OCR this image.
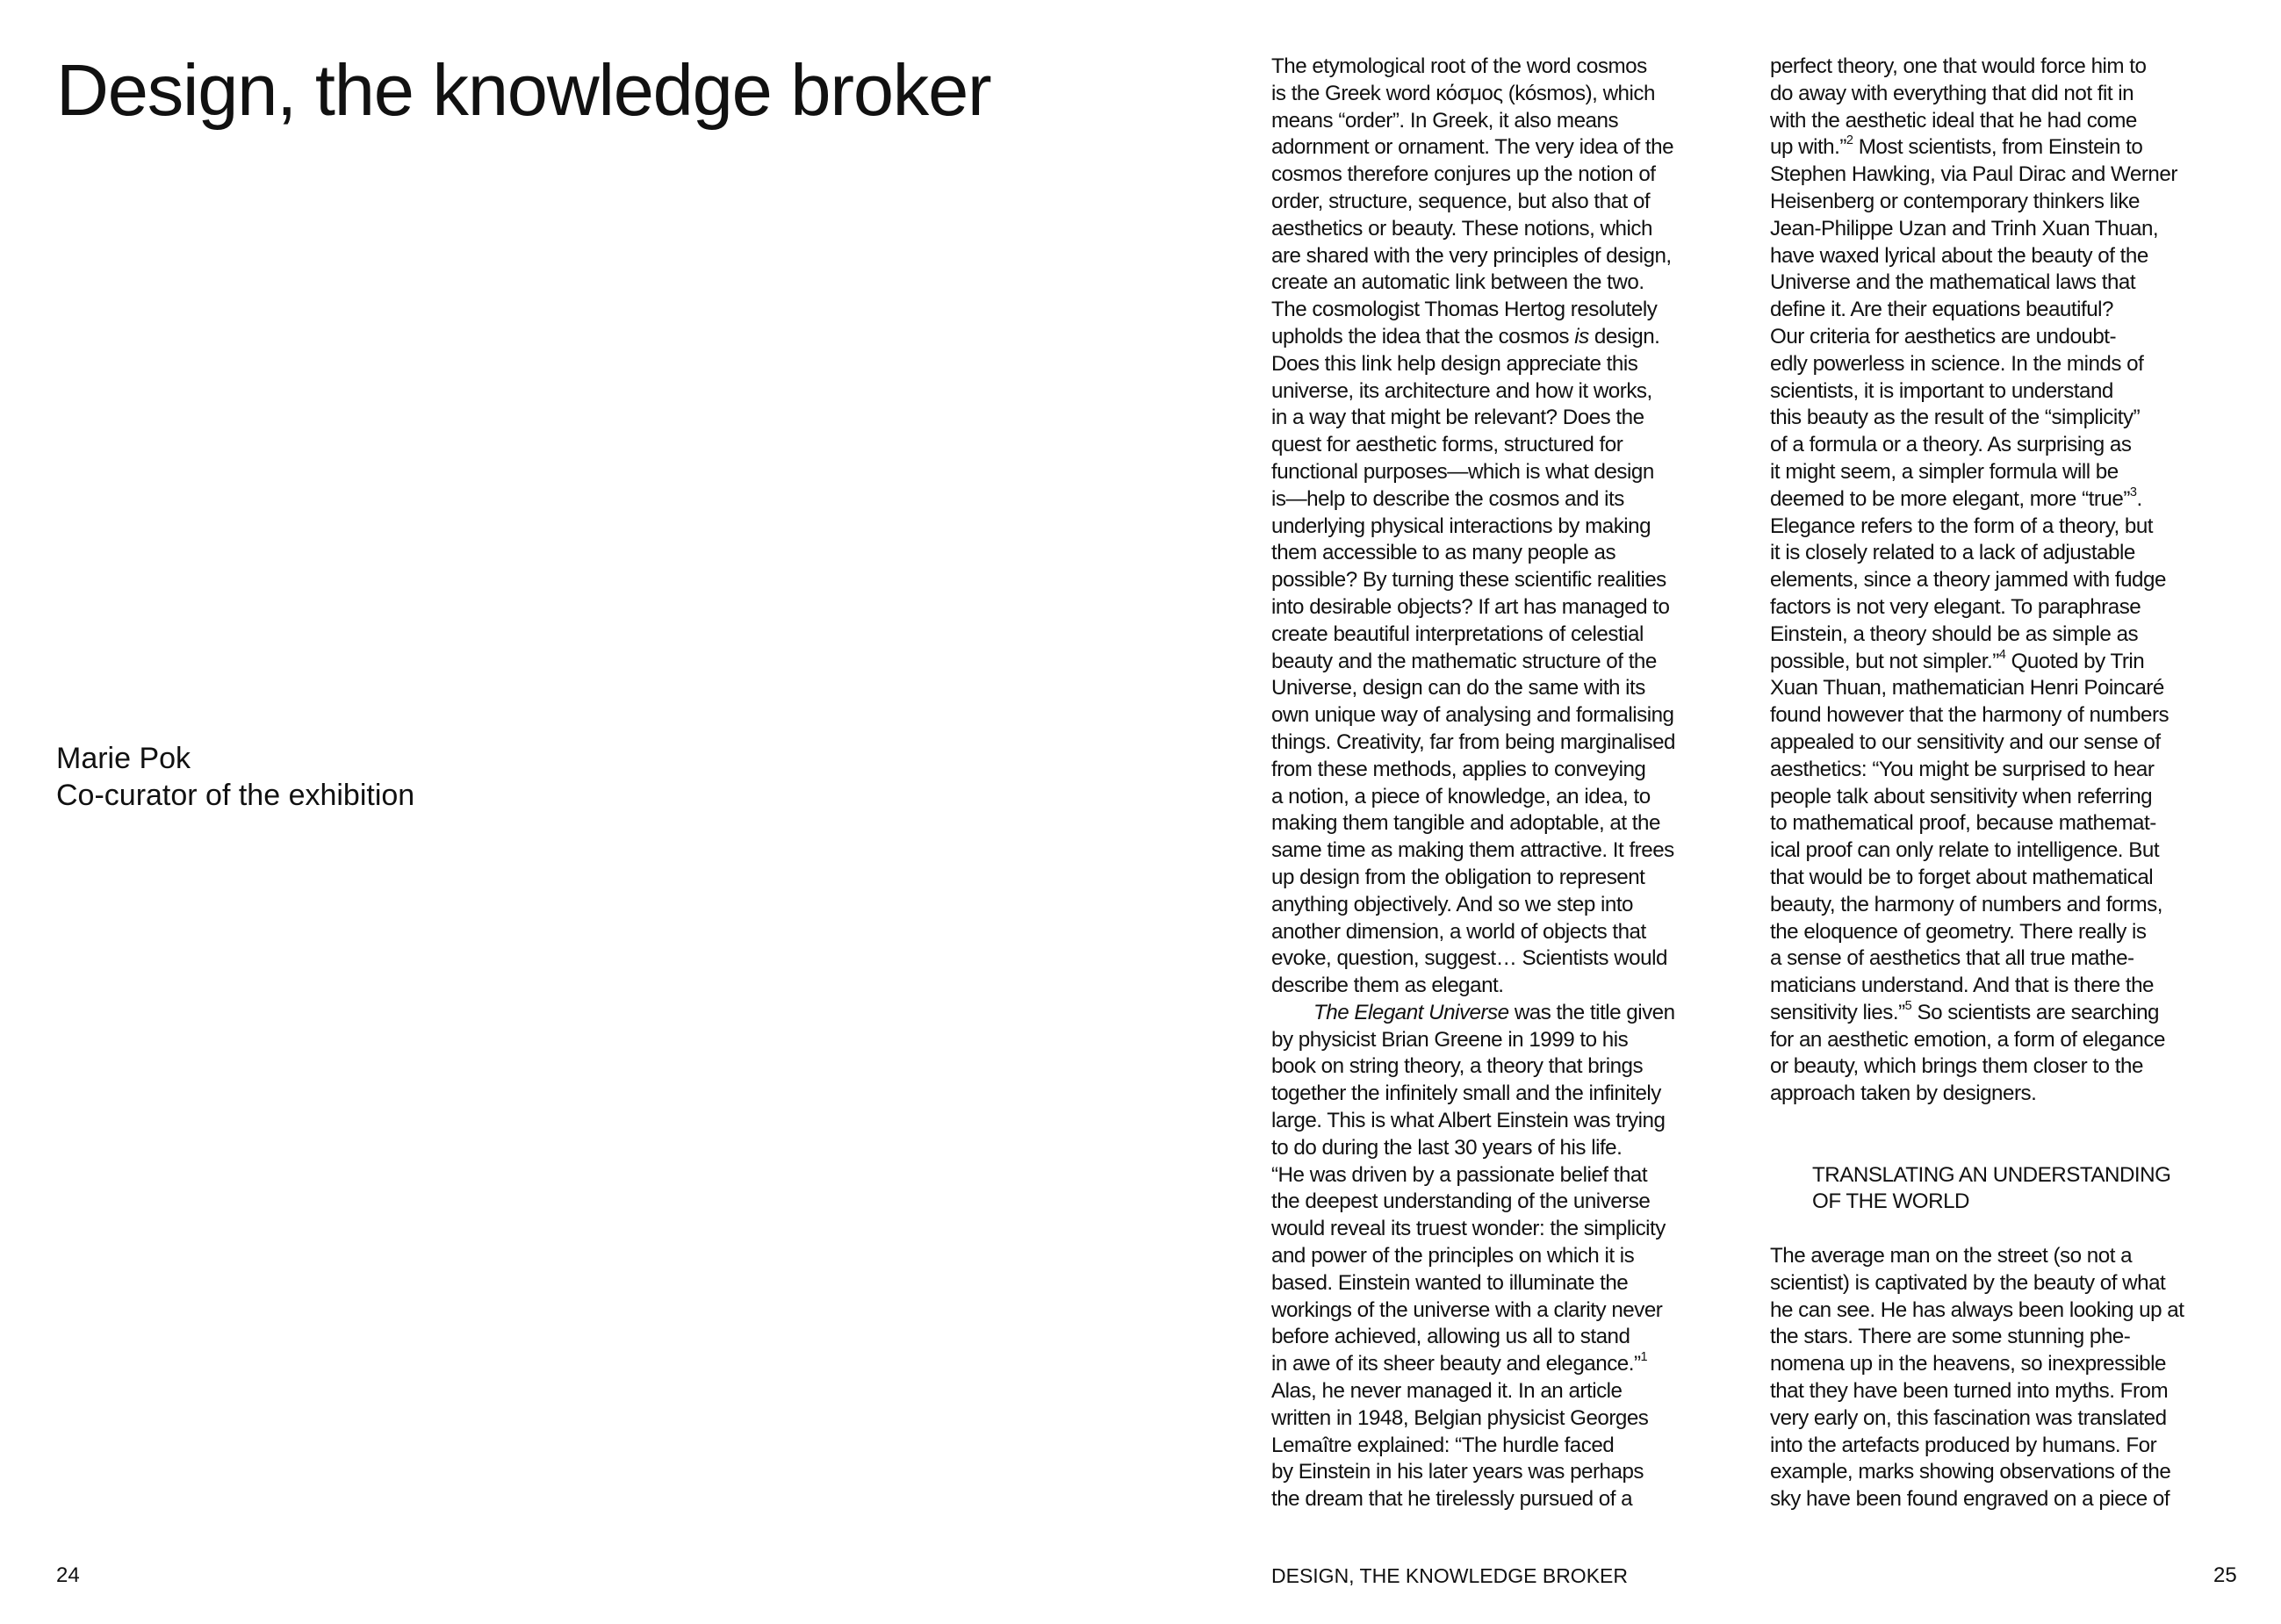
Design, the knowledge broker
Marie Pok
Co-curator of the exhibition
24
The etymological root of the word cosmos
is the Greek word κόσμος (kósmos), which
means “order”. In Greek, it also means
adornment or ornament. The very idea of the
cosmos therefore conjures up the notion of
order, structure, sequence, but also that of
aesthetics or beauty. These notions, which
are shared with the very principles of design,
create an automatic link between the two.
The cosmologist Thomas Hertog resolutely
upholds the idea that the cosmos is design.
Does this link help design appreciate this
universe, its architecture and how it works,
in a way that might be relevant? Does the
quest for aesthetic forms, structured for
functional purposes—which is what design
is—help to describe the cosmos and its
underlying physical interactions by making
them accessible to as many people as
possible? By turning these scientific realities
into desirable objects? If art has managed to
create beautiful interpretations of celestial
beauty and the mathematic structure of the
Universe, design can do the same with its
own unique way of analysing and formalising
things. Creativity, far from being marginalised
from these methods, applies to conveying
a notion, a piece of knowledge, an idea, to
making them tangible and adoptable, at the
same time as making them attractive. It frees
up design from the obligation to represent
anything objectively. And so we step into
another dimension, a world of objects that
evoke, question, suggest… Scientists would
describe them as elegant.
The Elegant Universe was the title given
by physicist Brian Greene in 1999 to his
book on string theory, a theory that brings
together the infinitely small and the infinitely
large. This is what Albert Einstein was trying
to do during the last 30 years of his life.
“He was driven by a passionate belief that
the deepest understanding of the universe
would reveal its truest wonder: the simplicity
and power of the principles on which it is
based. Einstein wanted to illuminate the
workings of the universe with a clarity never
before achieved, allowing us all to stand
in awe of its sheer beauty and elegance.”$^1$
Alas, he never managed it. In an article
written in 1948, Belgian physicist Georges
Lemaître explained: “The hurdle faced
by Einstein in his later years was perhaps
the dream that he tirelessly pursued of a
perfect theory, one that would force him to
do away with everything that did not fit in
with the aesthetic ideal that he had come
up with.”$^2$ Most scientists, from Einstein to
Stephen Hawking, via Paul Dirac and Werner
Heisenberg or contemporary thinkers like
Jean-Philippe Uzan and Trinh Xuan Thuan,
have waxed lyrical about the beauty of the
Universe and the mathematical laws that
define it. Are their equations beautiful?
Our criteria for aesthetics are undoubt-
edly powerless in science. In the minds of
scientists, it is important to understand
this beauty as the result of the “simplicity”
of a formula or a theory. As surprising as
it might seem, a simpler formula will be
deemed to be more elegant, more “true”$^3$.
Elegance refers to the form of a theory, but
it is closely related to a lack of adjustable
elements, since a theory jammed with fudge
factors is not very elegant. To paraphrase
Einstein, a theory should be as simple as
possible, but not simpler.”$^4$ Quoted by Trin
Xuan Thuan, mathematician Henri Poincaré
found however that the harmony of numbers
appealed to our sensitivity and our sense of
aesthetics: “You might be surprised to hear
people talk about sensitivity when referring
to mathematical proof, because mathemat-
ical proof can only relate to intelligence. But
that would be to forget about mathematical
beauty, the harmony of numbers and forms,
the eloquence of geometry. There really is
a sense of aesthetics that all true mathe-
maticians understand. And that is there the
sensitivity lies.”$^5$ So scientists are searching
for an aesthetic emotion, a form of elegance
or beauty, which brings them closer to the
approach taken by designers.
TRANSLATING AN UNDERSTANDING
OF THE WORLD
The average man on the street (so not a
scientist) is captivated by the beauty of what
he can see. He has always been looking up at
the stars. There are some stunning phe-
nomena up in the heavens, so inexpressible
that they have been turned into myths. From
very early on, this fascination was translated
into the artefacts produced by humans. For
example, marks showing observations of the
sky have been found engraved on a piece of
DESIGN, THE KNOWLEDGE BROKER	25
